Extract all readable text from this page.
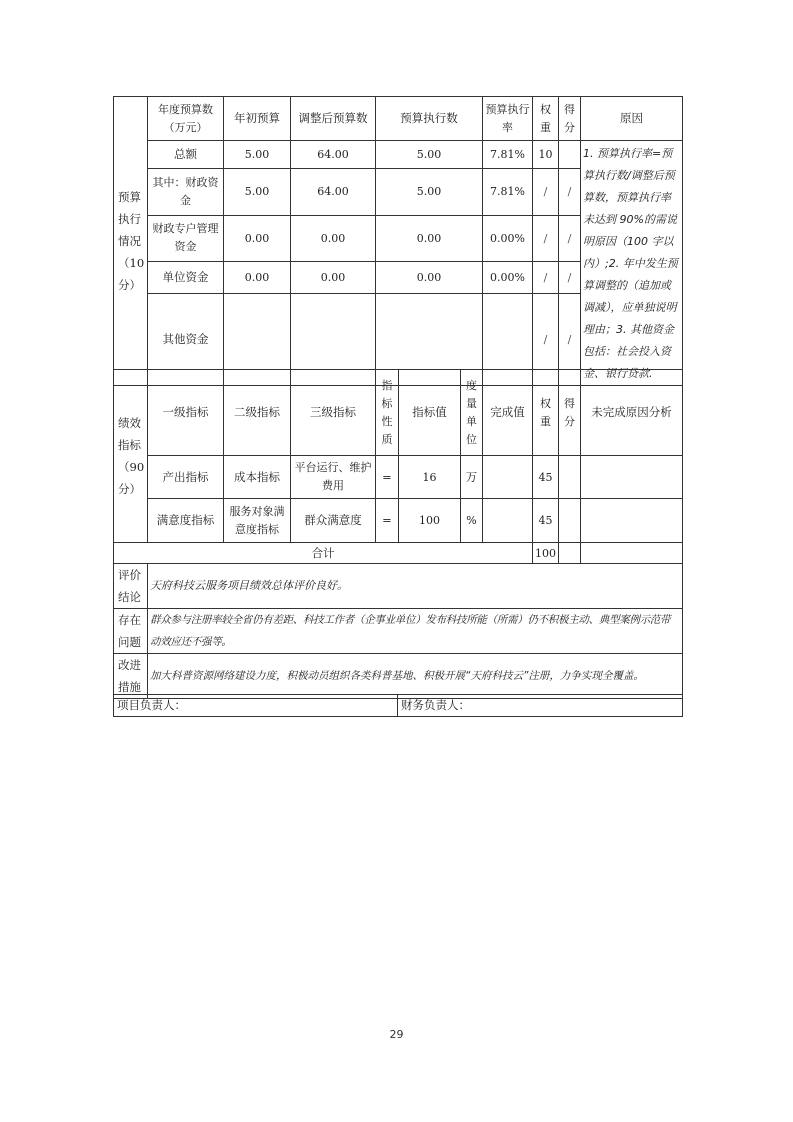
预算执行情况（10分）	年度预算数（万元）	年初预算	调整后预算数	预算执行数	预算执行率	权重	得分	原因
	总额	5.00	64.00	5.00	7.81%	10		1. 预算执行率=预算执行数/调整后预算数，预算执行率未达到 90%的需说明原因（100 字以内）;2. 年中发生预算调整的（追加或调减），应单独说明理由；3. 其他资金包括：社会投入资金、银行贷款.
	其中：财政资金	5.00	64.00	5.00	7.81%	/	/	
	财政专户管理资金	0.00	0.00	0.00	0.00%	/	/	
	单位资金	0.00	0.00	0.00	0.00%	/	/	
	其他资金					/	/	
绩效指标（90分）	一级指标	二级指标	三级指标	指标性质	指标值	度量单位	完成值	权重	得分	未完成原因分析
	产出指标	成本指标	平台运行、维护费用	=	16	万		45		
	满意度指标	服务对象满意度指标	群众满意度	=	100	%		45		
合计								100		
评价结论	天府科技云服务项目绩效总体评价良好。
存在问题	群众参与注册率较全省仍有差距、科技工作者（企事业单位）发布科技所能（所需）仍不积极主动、典型案例示范带动效应还不强等。
改进措施	加大科普资源网络建设力度，积极动员组织各类科普基地、积极开展“天府科技云”注册，力争实现全覆盖。
项目负责人：	财务负责人：
29
